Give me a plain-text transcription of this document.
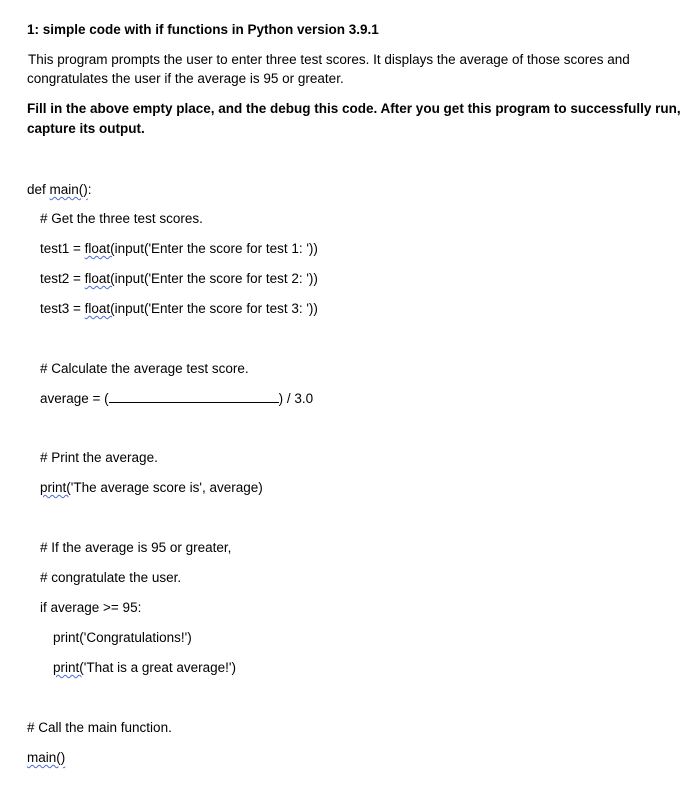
1: simple code with if functions in Python version 3.9.1
This program prompts the user to enter three test scores. It displays the average of those scores and
congratulates the user if the average is 95 or greater.
Fill in the above empty place, and the debug this code. After you get this program to successfully run,
capture its output.
def main():
# Get the three test scores.
test1 = float(input('Enter the score for test 1: '))
test2 = float(input('Enter the score for test 2: '))
test3 = float(input('Enter the score for test 3: '))
# Calculate the average test score.
average = (	) / 3.0
# Print the average.
print('The average score is', average)
# If the average is 95 or greater,
# congratulate the user.
if average >= 95:
print('Congratulations!')
print('That is a great average!')
# Call the main function.
main()
